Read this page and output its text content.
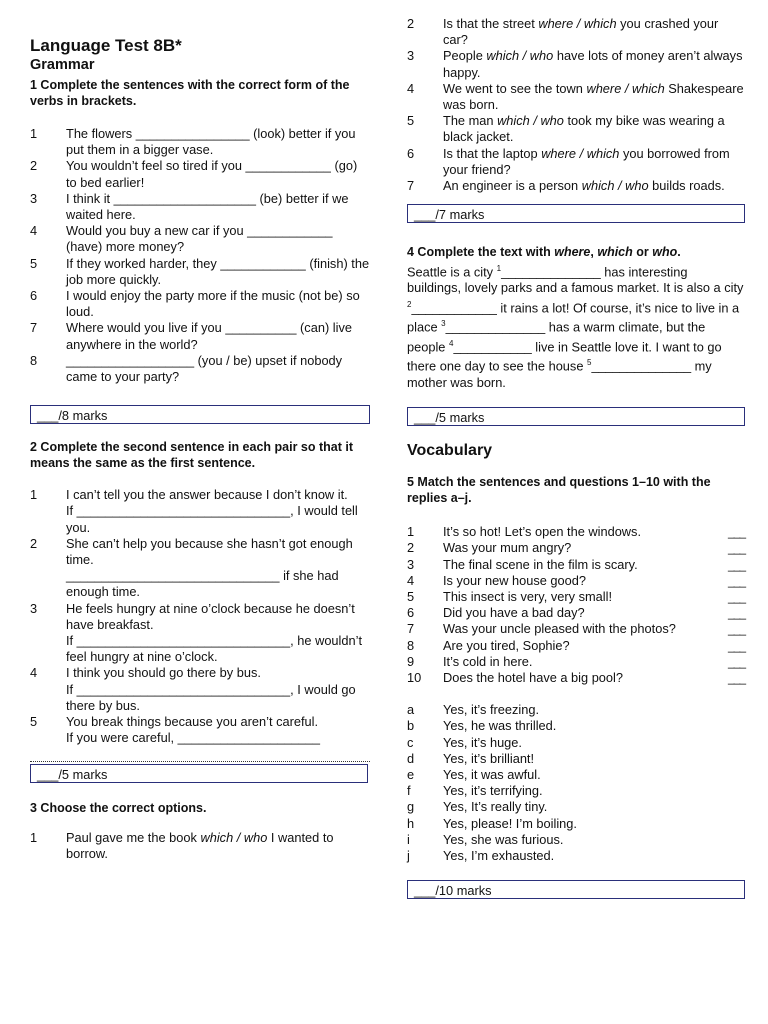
Language Test 8B*
Grammar

1 Complete the sentences with the correct form of the verbs in brackets.

1	The flowers ________________ (look) better if you put them in a bigger vase.
2	You wouldn’t feel so tired if you ____________ (go) to bed earlier!
3	I think it ____________________ (be) better if we waited here.
4	Would you buy a new car if you ____________ (have) more money?
5	If they worked harder, they ____________ (finish) the job more quickly.
6	I would enjoy the party more if the music (not be) so loud.
7	Where would you live if you __________ (can) live anywhere in the world?
8	__________________ (you / be) upset if nobody came to your party?
___/8 marks

2 Complete the second sentence in each pair so that it means the same as the first sentence.

1	I can’t tell you the answer because I don’t know it.
If ______________________________, I would tell you.
2	She can’t help you because she hasn’t got enough time.
______________________________ if she had enough time.
3	He feels hungry at nine o’clock because he doesn’t have breakfast.
If ______________________________, he wouldn’t feel hungry at nine o’clock.
4	I think you should go there by bus.
If ______________________________, I would go there by bus.
5	You break things because you aren’t careful.
If you were careful, ____________________
___/5 marks

3 Choose the correct options.

1	Paul gave me the book which / who I wanted to borrow.
2	Is that the street where / which you crashed your car?
3	People which / who have lots of money aren’t always happy.
4	We went to see the town where / which Shakespeare was born.
5	The man which / who took my bike was wearing a black jacket.
6	Is that the laptop where / which you borrowed from your friend?
7	An engineer is a person which / who builds roads.
___/7 marks

4 Complete the text with where, which or who.

Seattle is a city $^1$______________ has interesting buildings, lovely parks and a famous market. It is also a city $^2$____________ it rains a lot! Of course, it’s nice to live in a place $^3$______________ has a warm climate, but the people $^4$___________ live in Seattle love it. I want to go there one day to see the house $^5$______________ my mother was born.

___/5 marks
Vocabulary

5 Match the sentences and questions 1–10 with the replies a–j.

1	It’s so hot! Let’s open the windows.	___
2	Was your mum angry?	___
3	The final scene in the film is scary.	___
4	Is your new house good?	___
5	This insect is very, very small!	___
6	Did you have a bad day?	___
7	Was your uncle pleased with the photos?	___
8	Are you tired, Sophie?	___
9	It’s cold in here.	___
10	Does the hotel have a big pool?	___
a	Yes, it’s freezing.
b	Yes, he was thrilled.
c	Yes, it’s huge.
d	Yes, it’s brilliant!
e	Yes, it was awful.
f	Yes, it’s terrifying.
g	Yes, It’s really tiny.
h	Yes, please! I’m boiling.
i	Yes, she was furious.
j	Yes, I’m exhausted.
___/10 marks
